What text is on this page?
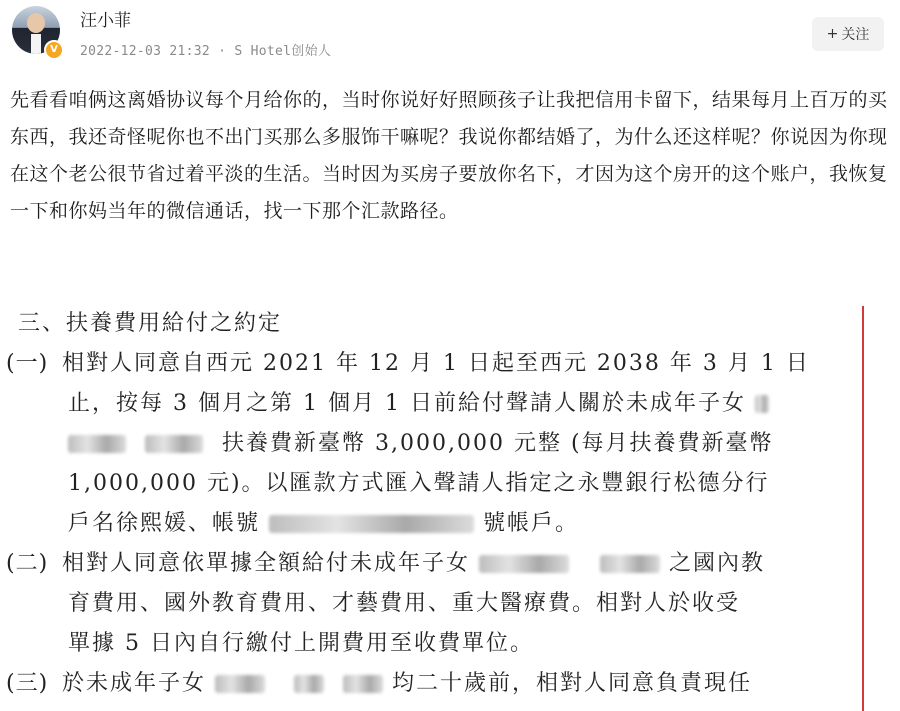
V
汪小菲
2022-12-03 21:32 · S Hotel创始人
+ 关注
先看看咱俩这离婚协议每个月给你的，当时你说好好照顾孩子让我把信用卡留下，结果每月上百万的买东西，我还奇怪呢你也不出门买那么多服饰干嘛呢？我说你都结婚了，为什么还这样呢？你说因为你现在这个老公很节省过着平淡的生活。当时因为买房子要放你名下，才因为这个房开的这个账户，我恢复一下和你妈当年的微信通话，找一下那个汇款路径。
三、扶養費用給付之約定
(一) 相對人同意自西元 2021 年 12 月 1 日起至西元 2038 年 3 月 1 日
止，按每 3 個月之第 1 個月 1 日前給付聲請人關於未成年子女
扶養費新臺幣 3,000,000 元整 (每月扶養費新臺幣
1,000,000 元)。以匯款方式匯入聲請人指定之永豐銀行松德分行
戶名徐熙媛、帳號	號帳戶。
(二) 相對人同意依單據全額給付未成年子女	之國內教
育費用、國外教育費用、才藝費用、重大醫療費。相對人於收受
單據 5 日內自行繳付上開費用至收費單位。
(三) 於未成年子女	均二十歲前，相對人同意負責現任
